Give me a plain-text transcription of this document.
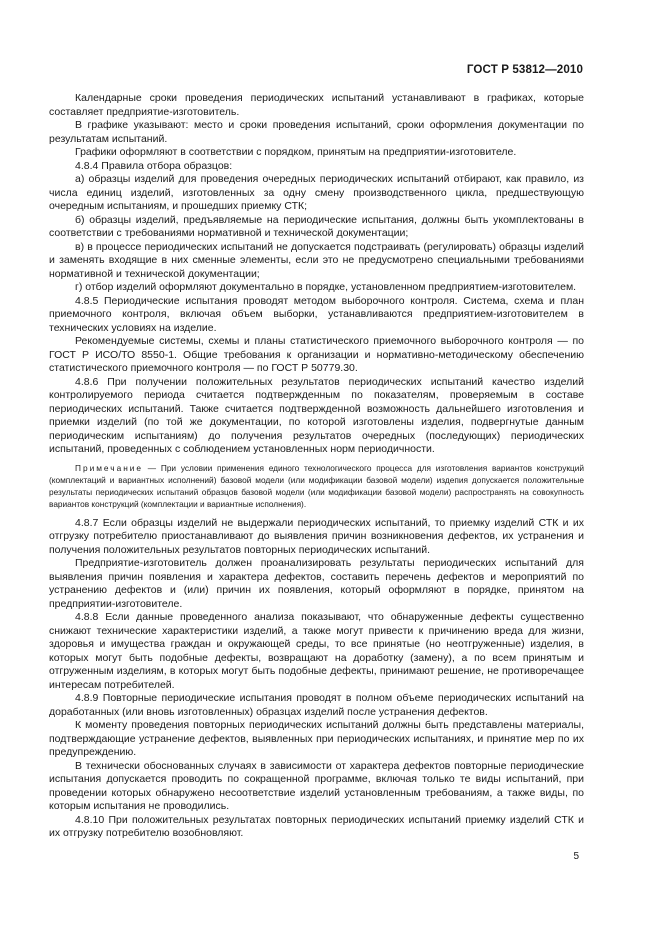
ГОСТ Р 53812—2010

Календарные сроки проведения периодических испытаний устанавливают в графиках, которые составляет предприятие-изготовитель.

В графике указывают: место и сроки проведения испытаний, сроки оформления документации по результатам испытаний.

Графики оформляют в соответствии с порядком, принятым на предприятии-изготовителе.

4.8.4 Правила отбора образцов:

а) образцы изделий для проведения очередных периодических испытаний отбирают, как правило, из числа единиц изделий, изготовленных за одну смену производственного цикла, предшествующую очередным испытаниям, и прошедших приемку СТК;

б) образцы изделий, предъявляемые на периодические испытания, должны быть укомплектованы в соответствии с требованиями нормативной и технической документации;

в) в процессе периодических испытаний не допускается подстраивать (регулировать) образцы изделий и заменять входящие в них сменные элементы, если это не предусмотрено специальными требованиями нормативной и технической документации;

г) отбор изделий оформляют документально в порядке, установленном предприятием-изготовителем.

4.8.5 Периодические испытания проводят методом выборочного контроля. Система, схема и план приемочного контроля, включая объем выборки, устанавливаются предприятием-изготовителем в технических условиях на изделие.

Рекомендуемые системы, схемы и планы статистического приемочного выборочного контроля — по ГОСТ Р ИСО/ТО 8550-1. Общие требования к организации и нормативно-методическому обеспечению статистического приемочного контроля — по ГОСТ Р 50779.30.

4.8.6 При получении положительных результатов периодических испытаний качество изделий контролируемого периода считается подтвержденным по показателям, проверяемым в составе периодических испытаний. Также считается подтвержденной возможность дальнейшего изготовления и приемки изделий (по той же документации, по которой изготовлены изделия, подвергнутые данным периодическим испытаниям) до получения результатов очередных (последующих) периодических испытаний, проведенных с соблюдением установленных норм периодичности.

Примечание — При условии применения единого технологического процесса для изготовления вариантов конструкций (комплектаций и вариантных исполнений) базовой модели (или модификации базовой модели) издепия допускается положительные результаты периодических испытаний образцов базовой модели (или модификации базовой модели) распространять на совокупность вариантов конструкций (комплектации и вариантные исполнения).

4.8.7 Если образцы изделий не выдержали периодических испытаний, то приемку изделий СТК и их отгрузку потребителю приостанавливают до выявления причин возникновения дефектов, их устранения и получения положительных результатов повторных периодических испытаний.

Предприятие-изготовитель должен проанализировать результаты периодических испытаний для выявления причин появления и характера дефектов, составить перечень дефектов и мероприятий по устранению дефектов и (или) причин их появления, который оформляют в порядке, принятом на предприятии-изготовителе.

4.8.8 Если данные проведенного анализа показывают, что обнаруженные дефекты существенно снижают технические характеристики изделий, а также могут привести к причинению вреда для жизни, здоровья и имущества граждан и окружающей среды, то все принятые (но неотгруженные) изделия, в которых могут быть подобные дефекты, возвращают на доработку (замену), а по всем принятым и отгруженным изделиям, в которых могут быть подобные дефекты, принимают решение, не противоречащее интересам потребителей.

4.8.9 Повторные периодические испытания проводят в полном объеме периодических испытаний на доработанных (или вновь изготовленных) образцах изделий после устранения дефектов.

К моменту проведения повторных периодических испытаний должны быть представлены материалы, подтверждающие устранение дефектов, выявленных при периодических испытаниях, и принятие мер по их предупреждению.

В технически обоснованных случаях в зависимости от характера дефектов повторные периодические испытания допускается проводить по сокращенной программе, включая только те виды испытаний, при проведении которых обнаружено несоответствие изделий установленным требованиям, а также виды, по которым испытания не проводились.

4.8.10 При положительных результатах повторных периодических испытаний приемку изделий СТК и их отгрузку потребителю возобновляют.

5
